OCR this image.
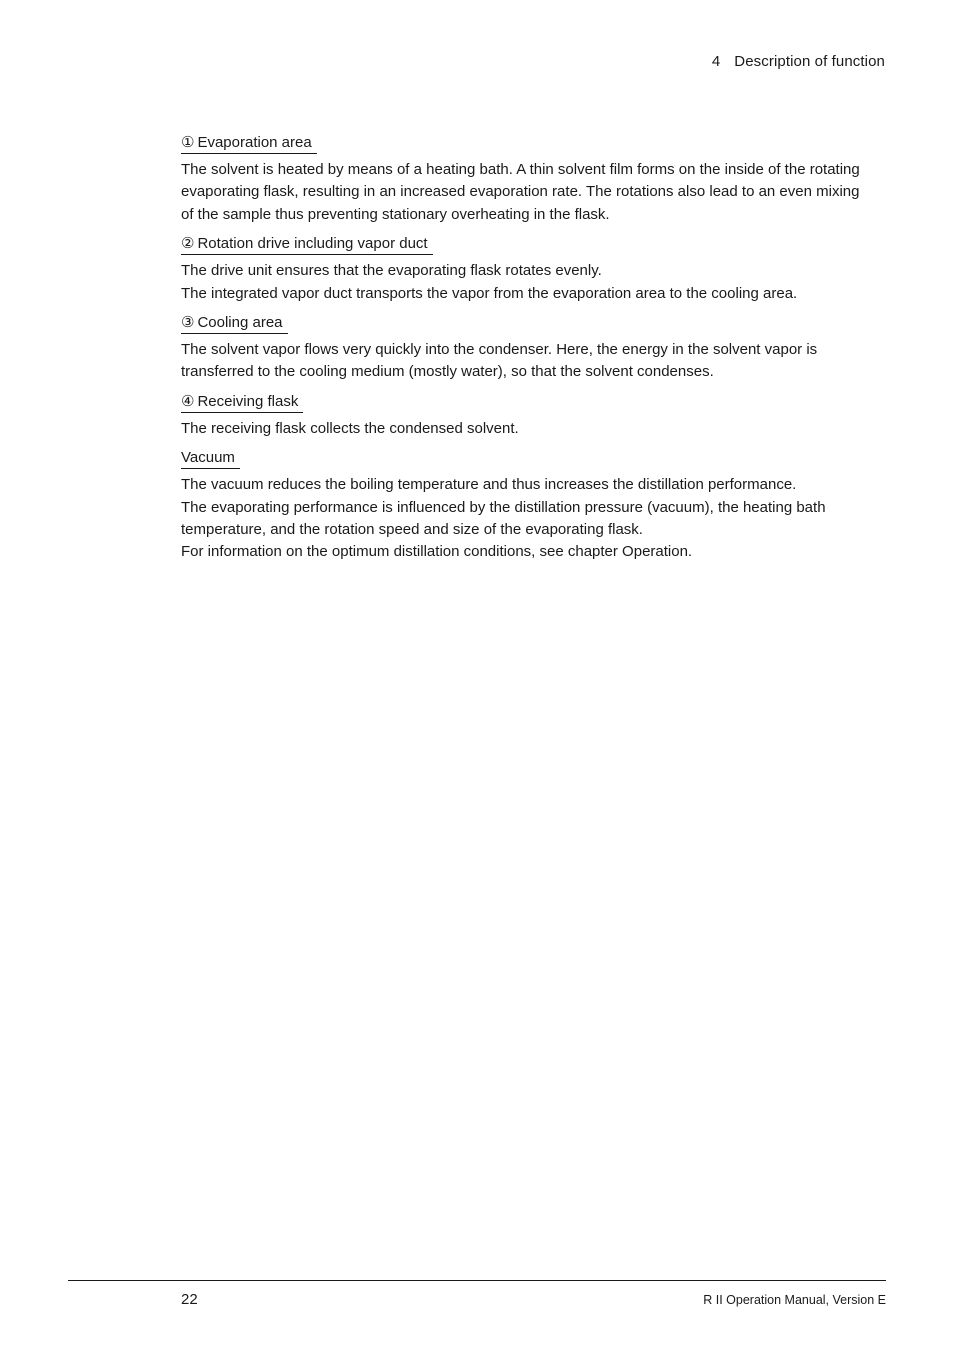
4 Description of function
① Evaporation area

The solvent is heated by means of a heating bath. A thin solvent film forms on the inside of the rotating evaporating flask, resulting in an increased evaporation rate. The rotations also lead to an even mixing of the sample thus preventing stationary overheating in the flask.

② Rotation drive including vapor duct

The drive unit ensures that the evaporating flask rotates evenly.

The integrated vapor duct transports the vapor from the evaporation area to the cooling area.

③ Cooling area

The solvent vapor flows very quickly into the condenser. Here, the energy in the solvent vapor is transferred to the cooling medium (mostly water), so that the solvent condenses.

④ Receiving flask

The receiving flask collects the condensed solvent.

Vacuum

The vacuum reduces the boiling temperature and thus increases the distillation performance.

The evaporating performance is influenced by the distillation pressure (vacuum), the heating bath temperature, and the rotation speed and size of the evaporating flask.

For information on the optimum distillation conditions, see chapter Operation.

22	R II Operation Manual, Version E
